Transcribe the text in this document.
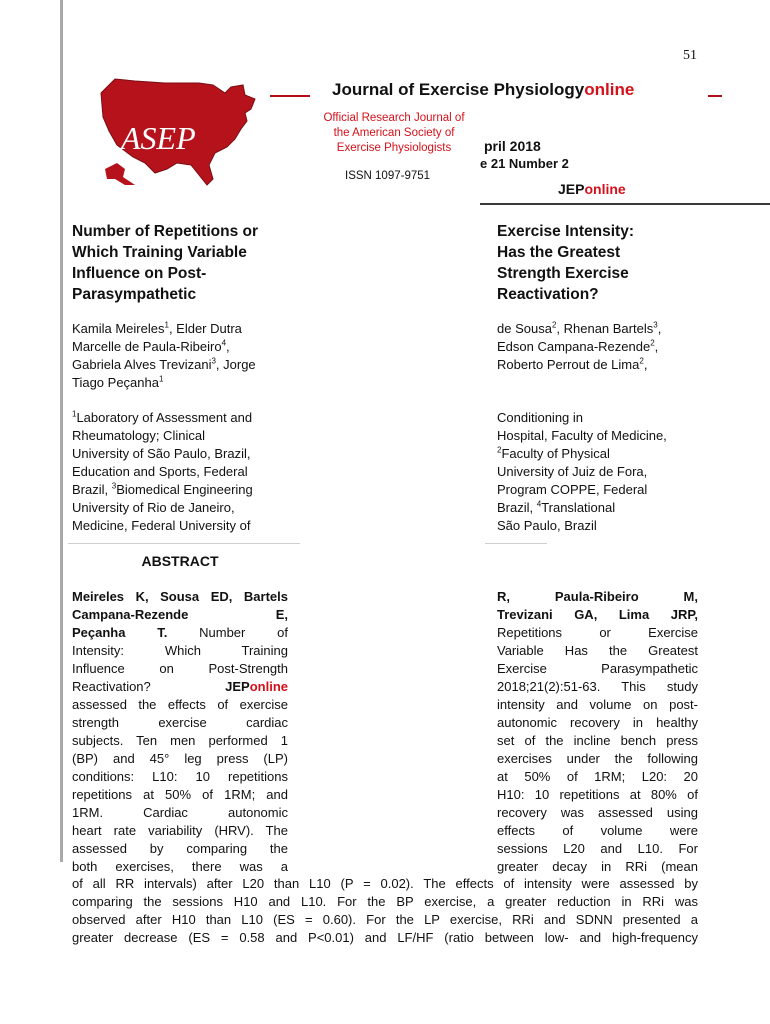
51
ASEP
Journal of Exercise Physiologyonline
Official Research Journal of
the American Society of
Exercise Physiologists
ISSN 1097-9751
pril 2018
e 21 Number 2
JEPonline
Number of Repetitions or
Which Training Variable
Influence on Post-
Parasympathetic
Exercise Intensity:
Has the Greatest
Strength Exercise
Reactivation?
Kamila Meireles$^1$, Elder Dutra
Marcelle de Paula-Ribeiro$^4$,
Gabriela Alves Trevizani$^3$, Jorge
Tiago Peçanha$^1$
de Sousa$^2$, Rhenan Bartels$^3$,
Edson Campana-Rezende$^2$,
Roberto Perrout de Lima$^2$,
$^1$Laboratory of Assessment and
Rheumatology; Clinical
University of São Paulo, Brazil,
Education and Sports, Federal
Brazil, $^3$Biomedical Engineering
University of Rio de Janeiro,
Medicine, Federal University of
Conditioning in
Hospital, Faculty of Medicine,
$^2$Faculty of Physical
University of Juiz de Fora,
Program COPPE, Federal
Brazil, $^4$Translational
São Paulo, Brazil
ABSTRACT
Meireles K, Sousa ED, Bartels
Campana-Rezende E,
Peçanha T. Number of
Intensity: Which Training
Influence on Post-Strength
Reactivation? JEPonline
assessed the effects of exercise
strength exercise cardiac
subjects. Ten men performed 1
(BP) and 45° leg press (LP)
conditions: L10: 10 repetitions
repetitions at 50% of 1RM; and
1RM. Cardiac autonomic
heart rate variability (HRV). The
assessed by comparing the
both exercises, there was a
R, Paula-Ribeiro M,
Trevizani GA, Lima JRP,
Repetitions or Exercise
Variable Has the Greatest
Exercise Parasympathetic
2018;21(2):51-63. This study
intensity and volume on post-
autonomic recovery in healthy
set of the incline bench press
exercises under the following
at 50% of 1RM; L20: 20
H10: 10 repetitions at 80% of
recovery was assessed using
effects of volume were
sessions L20 and L10. For
greater decay in RRi (mean
of all RR intervals) after L20 than L10 (P = 0.02). The effects of intensity were assessed by
comparing the sessions H10 and L10. For the BP exercise, a greater reduction in RRi was
observed after H10 than L10 (ES = 0.60). For the LP exercise, RRi and SDNN presented a
greater decrease (ES = 0.58 and P<0.01) and LF/HF (ratio between low- and high-frequency
